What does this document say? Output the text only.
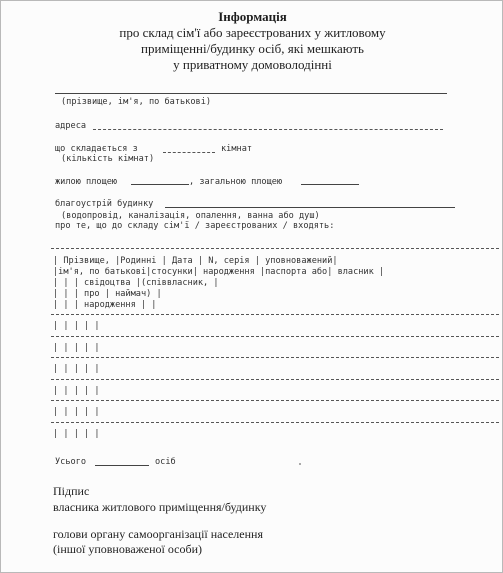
Інформація
про склад сім'ї або зареєстрованих у житловому
приміщенні/будинку осіб, які мешкають
у приватному домоволодінні
(прізвище, ім'я, по батькові)
адреса
що складається з	кімнат
(кількість кімнат)
жилою площею	, загальною площею
благоустрій будинку
(водопровід, каналізація, опалення, ванна або душ)
про те, що до складу сім'ї / зареєстрованих / входять:
| Прізвище, |Родинні | Дата | N, серія | уповноважений|
|ім'я, по батькові|стосунки| народження |паспорта або| власник |
| | | свідоцтва |(співвласник, |
| | | про | наймач) |
| | | народження | |
| | | | |
| | | | |
| | | | |
| | | | |
| | | | |
| | | | |
Усього	осіб
Підпис
власника житлового приміщення/будинку
голови органу самоорганізації населення
(іншої уповноваженої особи)
